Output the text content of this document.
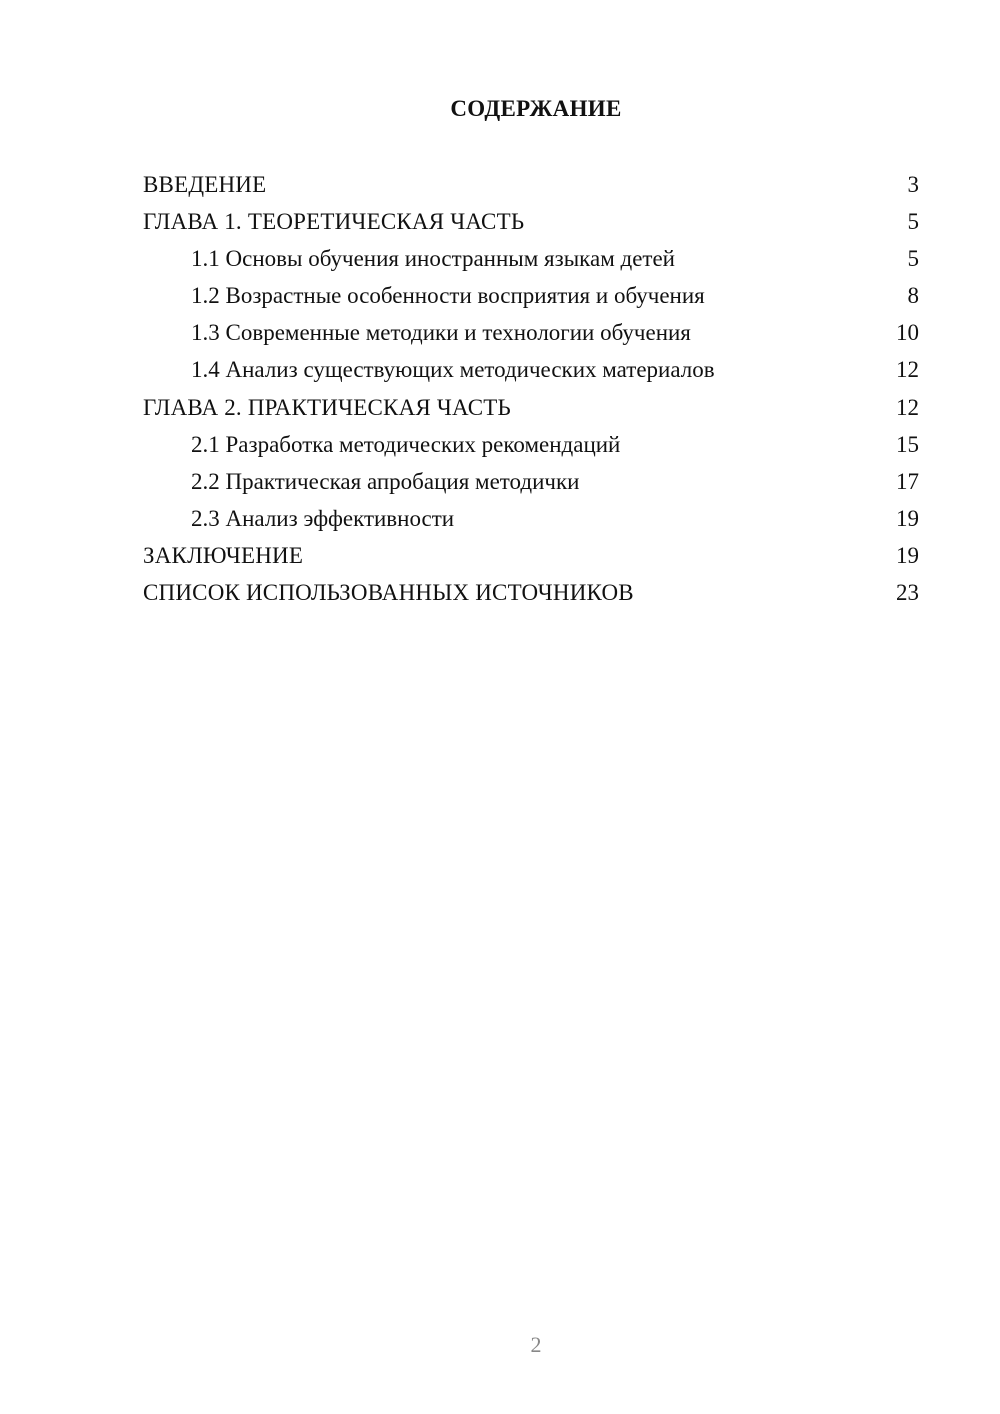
СОДЕРЖАНИЕ
ВВЕДЕНИЕ	3
ГЛАВА 1. ТЕОРЕТИЧЕСКАЯ ЧАСТЬ	5
1.1 Основы обучения иностранным языкам детей	5
1.2 Возрастные особенности восприятия и обучения	8
1.3 Современные методики и технологии обучения	10
1.4 Анализ существующих методических материалов	12
ГЛАВА 2. ПРАКТИЧЕСКАЯ ЧАСТЬ	12
2.1 Разработка методических рекомендаций	15
2.2 Практическая апробация методички	17
2.3 Анализ эффективности	19
ЗАКЛЮЧЕНИЕ	19
СПИСОК ИСПОЛЬЗОВАННЫХ ИСТОЧНИКОВ	23
2
